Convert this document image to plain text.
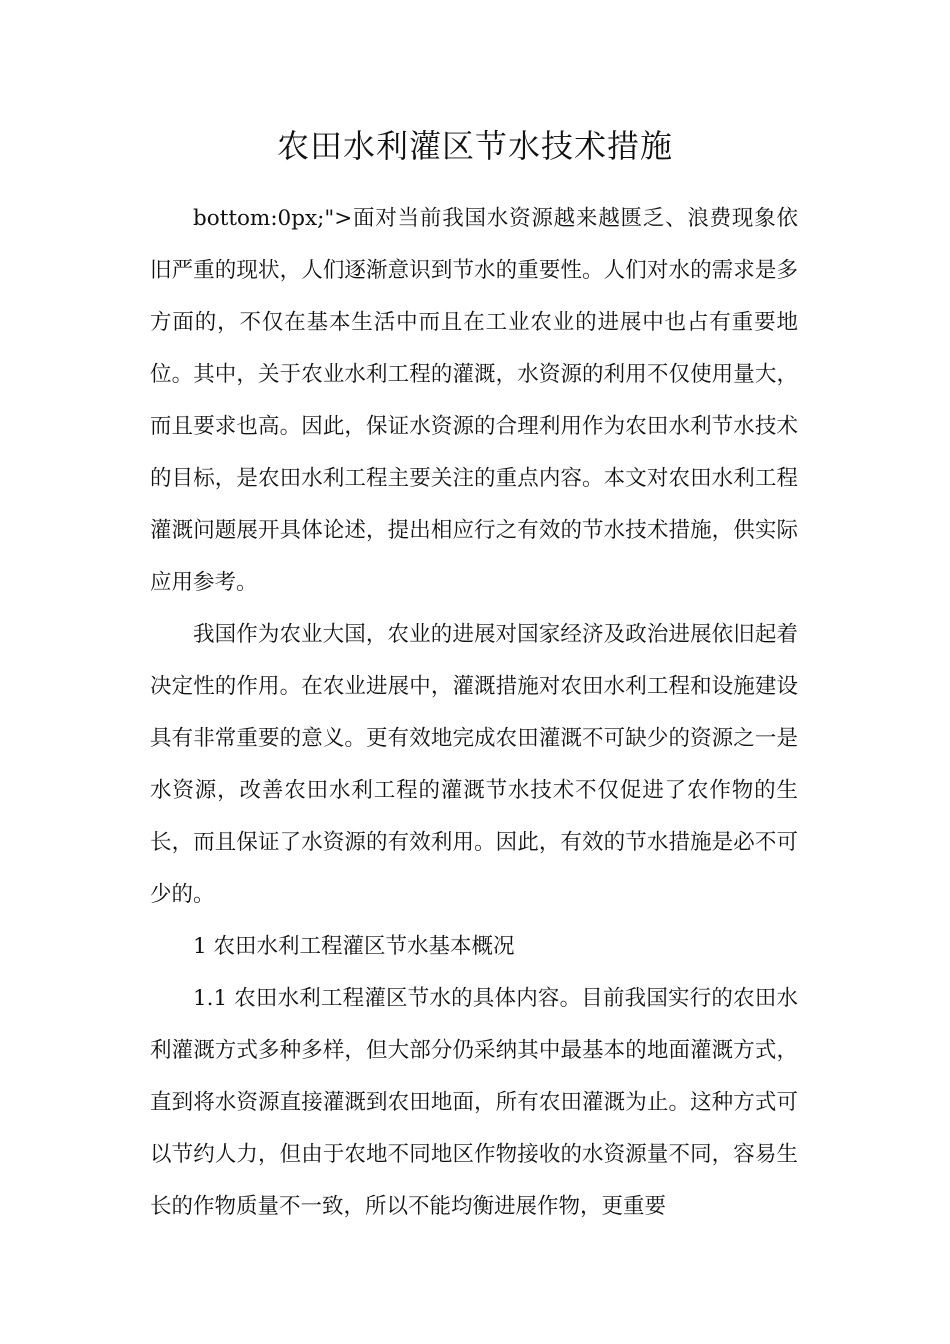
农田水利灌区节水技术措施

bottom:0px;">面对当前我国水资源越来越匮乏、浪费现象依旧严重的现状，人们逐渐意识到节水的重要性。人们对水的需求是多方面的，不仅在基本生活中而且在工业农业的进展中也占有重要地位。其中，关于农业水利工程的灌溉，水资源的利用不仅使用量大，而且要求也高。因此，保证水资源的合理利用作为农田水利节水技术的目标，是农田水利工程主要关注的重点内容。本文对农田水利工程灌溉问题展开具体论述，提出相应行之有效的节水技术措施，供实际应用参考。

我国作为农业大国，农业的进展对国家经济及政治进展依旧起着决定性的作用。在农业进展中，灌溉措施对农田水利工程和设施建设具有非常重要的意义。更有效地完成农田灌溉不可缺少的资源之一是水资源，改善农田水利工程的灌溉节水技术不仅促进了农作物的生长，而且保证了水资源的有效利用。因此，有效的节水措施是必不可少的。

1 农田水利工程灌区节水基本概况

1.1 农田水利工程灌区节水的具体内容。目前我国实行的农田水利灌溉方式多种多样，但大部分仍采纳其中最基本的地面灌溉方式，直到将水资源直接灌溉到农田地面，所有农田灌溉为止。这种方式可以节约人力，但由于农地不同地区作物接收的水资源量不同，容易生长的作物质量不一致，所以不能均衡进展作物，更重要
